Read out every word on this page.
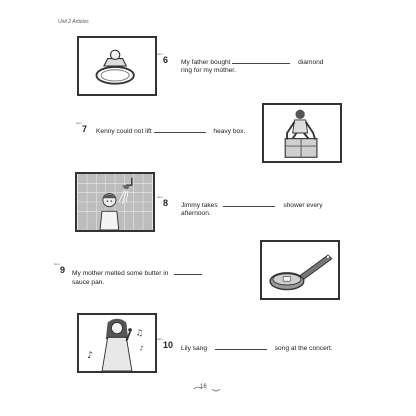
Unit 2 Articles
Item
6 My father bought	diamond
ring for my mother.
Item
7 Kenny could not lift	heavy box.
Item
8 Jimmy takes	shower every
afternoon.
Item
9 My mother melted some butter in
sauce pan.
♪
♫
♪
Item
10 Lily sang	song at the concert.
16
